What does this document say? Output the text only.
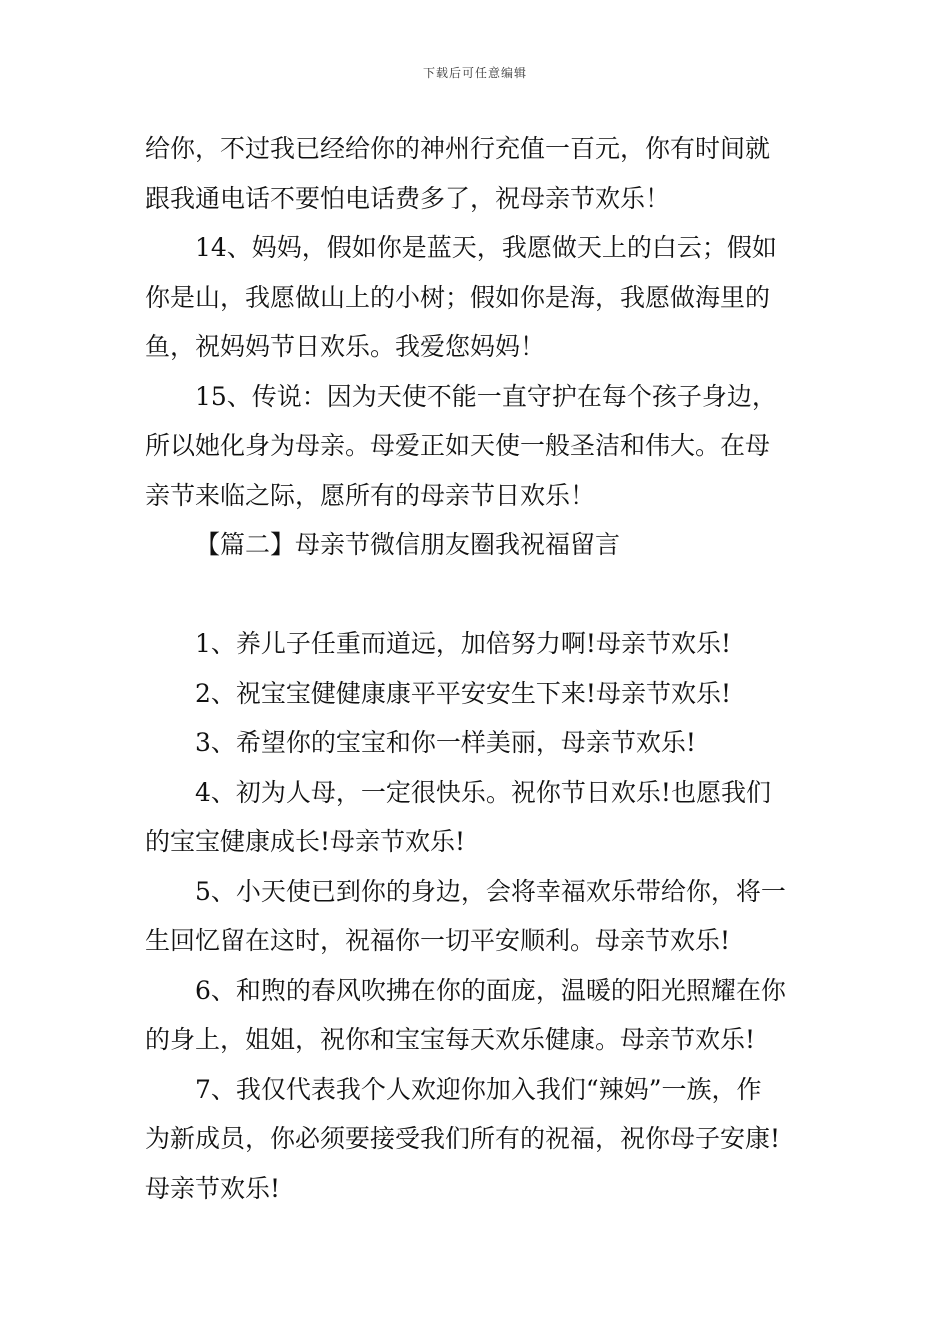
下载后可任意编辑
给你，不过我已经给你的神州行充值一百元，你有时间就
跟我通电话不要怕电话费多了，祝母亲节欢乐！
14、妈妈，假如你是蓝天，我愿做天上的白云；假如
你是山，我愿做山上的小树；假如你是海，我愿做海里的
鱼，祝妈妈节日欢乐。我爱您妈妈！
15、传说：因为天使不能一直守护在每个孩子身边，
所以她化身为母亲。母爱正如天使一般圣洁和伟大。在母
亲节来临之际，愿所有的母亲节日欢乐！
【篇二】母亲节微信朋友圈我祝福留言
1、养儿子任重而道远，加倍努力啊!母亲节欢乐!
2、祝宝宝健健康康平平安安生下来!母亲节欢乐!
3、希望你的宝宝和你一样美丽，母亲节欢乐!
4、初为人母，一定很快乐。祝你节日欢乐!也愿我们
的宝宝健康成长!母亲节欢乐!
5、小天使已到你的身边，会将幸福欢乐带给你，将一
生回忆留在这时，祝福你一切平安顺利。母亲节欢乐!
6、和煦的春风吹拂在你的面庞，温暖的阳光照耀在你
的身上，姐姐，祝你和宝宝每天欢乐健康。母亲节欢乐!
7、我仅代表我个人欢迎你加入我们“辣妈”一族，作
为新成员，你必须要接受我们所有的祝福，祝你母子安康!
母亲节欢乐!
